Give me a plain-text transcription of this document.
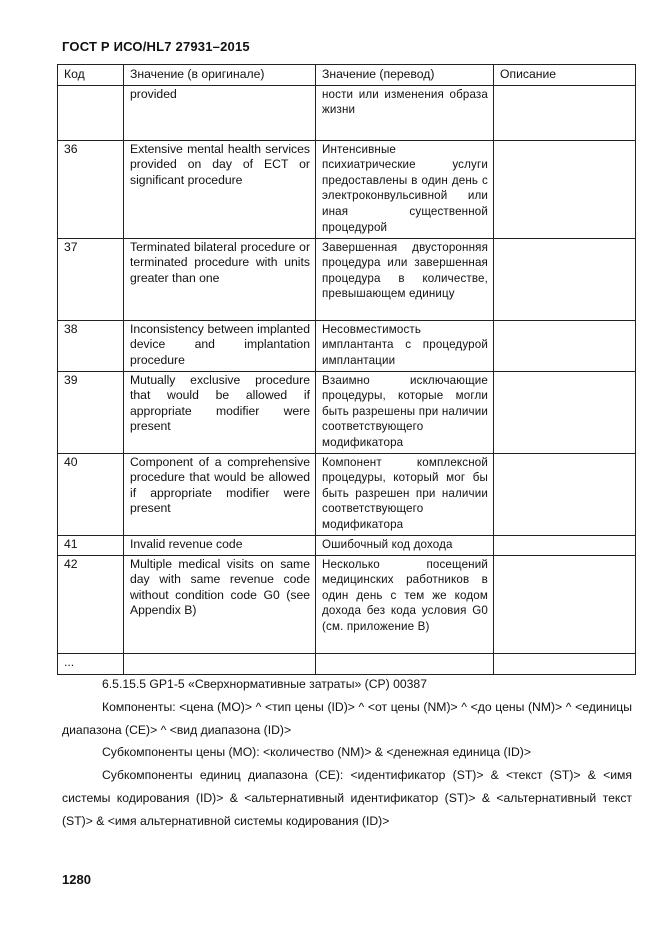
ГОСТ Р ИСО/HL7 27931–2015
Код	Значение (в оригинале)	Значение (перевод)	Описание
	provided	ности или изменения образа жизни	
36	Extensive mental health services provided on day of ECT or significant procedure	Интенсивные психиатрические услуги предоставлены в один день с электроконвульсивной или иная существенной процедурой	
37	Terminated bilateral procedure or terminated procedure with units greater than one	Завершенная двусторонняя процедура или завершенная процедура в количестве, превышающем единицу	
38	Inconsistency between implanted device and implantation procedure	Несовместимость имплантанта с процедурой имплантации	
39	Mutually exclusive procedure that would be allowed if appropriate modifier were present	Взаимно исключающие процедуры, которые могли быть разрешены при наличии соответствующего модификатора	
40	Component of a comprehensive procedure that would be allowed if appropriate modifier were present	Компонент комплексной процедуры, который мог бы быть разрешен при наличии соответствующего модификатора	
41	Invalid revenue code	Ошибочный код дохода	
42	Multiple medical visits on same day with same revenue code without condition code G0 (see Appendix B)	Несколько посещений медицинских работников в один день с тем же кодом дохода без кода условия G0 (см. приложение B)	
...			

6.5.15.5 GP1-5 «Сверхнормативные затраты» (CP) 00387

Компоненты: <цена (MO)> ^ <тип цены (ID)> ^ <от цены (NM)> ^ <до цены (NM)> ^ <единицы диапазона (CE)> ^ <вид диапазона (ID)>

Субкомпоненты цены (MO): <количество (NM)> & <денежная единица (ID)>

Субкомпоненты единиц диапазона (CE): <идентификатор (ST)> & <текст (ST)> & <имя системы кодирования (ID)> & <альтернативный идентификатор (ST)> & <альтернативный текст (ST)> & <имя альтернативной системы кодирования (ID)>

1280
